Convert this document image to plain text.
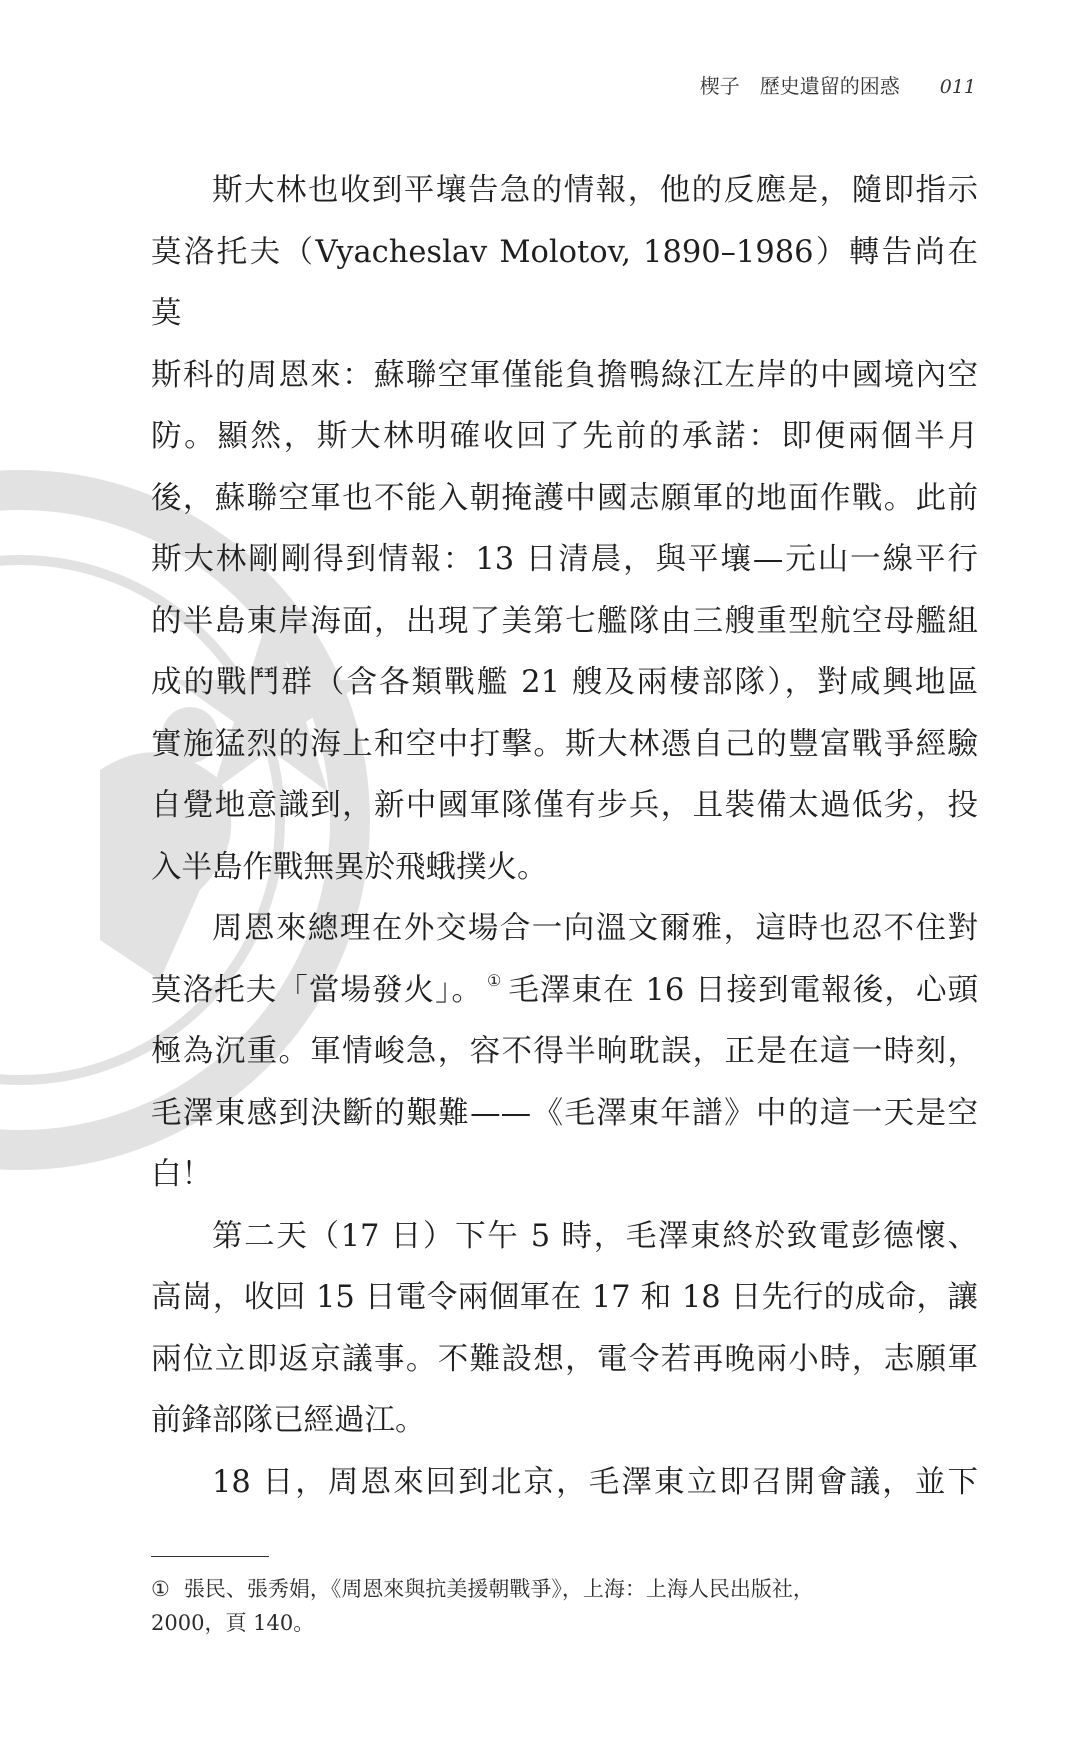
楔子 歷史遺留的困惑 011

斯大林也收到平壤告急的情報，他的反應是，隨即指示

莫洛托夫（Vyacheslav Molotov, 1890–1986）轉告尚在莫

斯科的周恩來：蘇聯空軍僅能負擔鴨綠江左岸的中國境內空

防。顯然，斯大林明確收回了先前的承諾：即便兩個半月

後，蘇聯空軍也不能入朝掩護中國志願軍的地面作戰。此前

斯大林剛剛得到情報：13 日清晨，與平壤—元山一線平行

的半島東岸海面，出現了美第七艦隊由三艘重型航空母艦組

成的戰鬥群（含各類戰艦 21 艘及兩棲部隊），對咸興地區

實施猛烈的海上和空中打擊。斯大林憑自己的豐富戰爭經驗

自覺地意識到，新中國軍隊僅有步兵，且裝備太過低劣，投

入半島作戰無異於飛蛾撲火。

周恩來總理在外交場合一向溫文爾雅，這時也忍不住對

莫洛托夫「當場發火」。 ① 毛澤東在 16 日接到電報後，心頭

極為沉重。軍情峻急，容不得半晌耽誤，正是在這一時刻，

毛澤東感到決斷的艱難——《毛澤東年譜》中的這一天是空

白！

第二天（17 日）下午 5 時，毛澤東終於致電彭德懷、

高崗，收回 15 日電令兩個軍在 17 和 18 日先行的成命，讓

兩位立即返京議事。不難設想，電令若再晚兩小時，志願軍

前鋒部隊已經過江。

18 日，周恩來回到北京，毛澤東立即召開會議，並下

① 張民、張秀娟，《周恩來與抗美援朝戰爭》，上海：上海人民出版社，
2000，頁 140。
